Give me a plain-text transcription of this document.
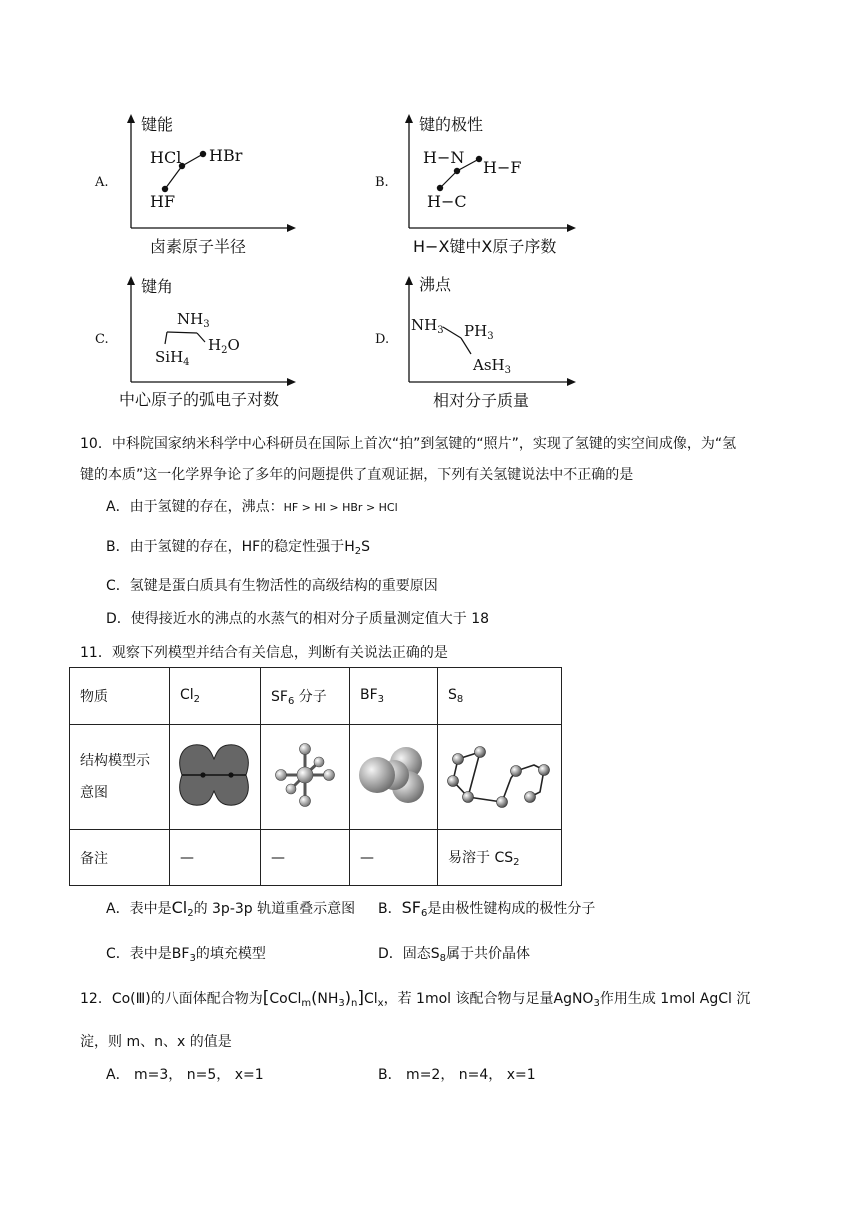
A.
键能
HF
HCl HBr
卤素原子半径
B.
键的极性
H−C
H−N
H−F
H−X键中X原子序数
C.
键角
SiH$_4$
$NH_3$
$H_2O$
中心原子的弧电子对数
D.
沸点
$NH_3$ $PH_3$
AsH$_3$
相对分子质量
10．中科院国家纳米科学中心科研员在国际上首次“拍”到氢键的“照片”，实现了氢键的实空间成像，为“氢
键的本质”这一化学界争论了多年的问题提供了直观证据，下列有关氢键说法中不正确的是
A．由于氢键的存在，沸点：HF > HI > HBr > HCl
B．由于氢键的存在，HF的稳定性强于$H_2S$
C．氢键是蛋白质具有生物活性的高级结构的重要原因
D．使得接近水的沸点的水蒸气的相对分子质量测定值大于 18
11．观察下列模型并结合有关信息，判断有关说法正确的是
物质	$Cl_2$	$SF_6$ 分子	$BF_3$	$S_8$
结构模型示
意图				
备注	—	—	—	易溶于 $CS_2$
A．表中是$Cl_2$的 3p-3p 轨道重叠示意图 B．$SF_6$是由极性键构成的极性分子
C．表中是$BF_3$的填充模型	D．固态$S_8$属于共价晶体
12．Co(Ⅲ)的八面体配合物为$[CoCl_m(NH_3)_n]Cl_x$，若 1mol 该配合物与足量AgNO$_3$作用生成 1mol AgCl 沉
淀，则 m、n、x 的值是
A． m=3， n=5， x=1	B． m=2， n=4， x=1
